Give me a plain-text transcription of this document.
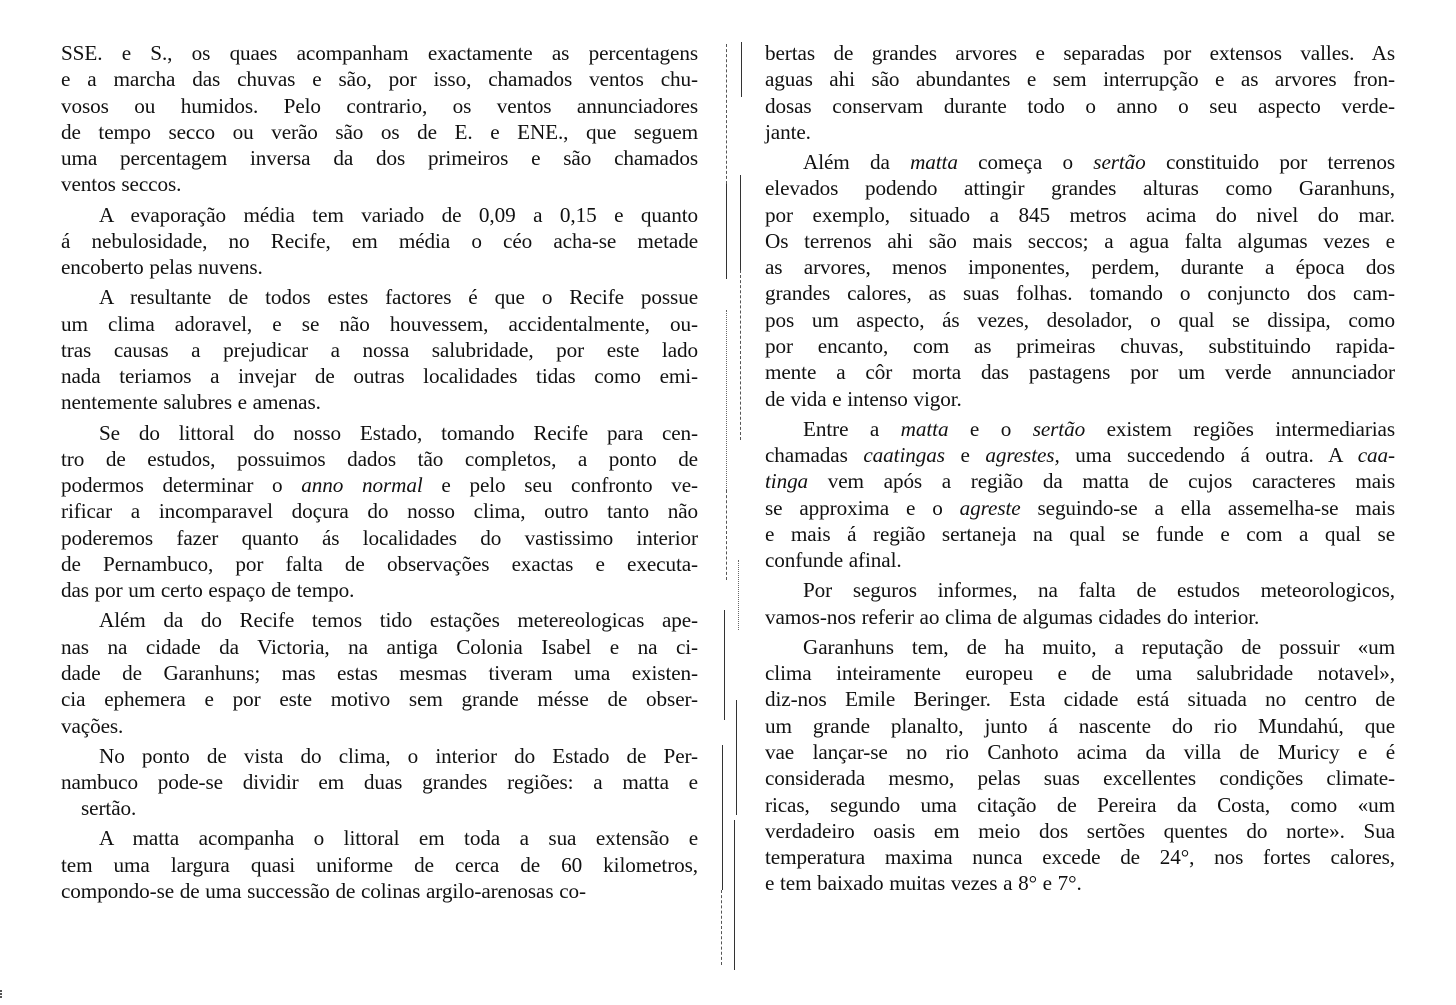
SSE. e S., os quaes acompanham exactamente as percentagens
e a marcha das chuvas e são, por isso, chamados ventos chu-
vosos ou humidos. Pelo contrario, os ventos annunciadores
de tempo secco ou verão são os de E. e ENE., que seguem
uma percentagem inversa da dos primeiros e são chamados
ventos seccos.
A evaporação média tem variado de 0,09 a 0,15 e quanto
á nebulosidade, no Recife, em média o céo acha-se metade
encoberto pelas nuvens.
A resultante de todos estes factores é que o Recife possue
um clima adoravel, e se não houvessem, accidentalmente, ou-
tras causas a prejudicar a nossa salubridade, por este lado
nada teriamos a invejar de outras localidades tidas como emi-
nentemente salubres e amenas.
Se do littoral do nosso Estado, tomando Recife para cen-
tro de estudos, possuimos dados tão completos, a ponto de
podermos determinar o anno normal e pelo seu confronto ve-
rificar a incomparavel doçura do nosso clima, outro tanto não
poderemos fazer quanto ás localidades do vastissimo interior
de Pernambuco, por falta de observações exactas e executa-
das por um certo espaço de tempo.
Além da do Recife temos tido estações metereologicas ape-
nas na cidade da Victoria, na antiga Colonia Isabel e na ci-
dade de Garanhuns; mas estas mesmas tiveram uma existen-
cia ephemera e por este motivo sem grande mésse de obser-
vações.
No ponto de vista do clima, o interior do Estado de Per-
nambuco pode-se dividir em duas grandes regiões: a matta e
sertão.
A matta acompanha o littoral em toda a sua extensão e
tem uma largura quasi uniforme de cerca de 60 kilometros,
compondo-se de uma successão de colinas argilo-arenosas co-
bertas de grandes arvores e separadas por extensos valles. As
aguas ahi são abundantes e sem interrupção e as arvores fron-
dosas conservam durante todo o anno o seu aspecto verde-
jante.
Além da matta começa o sertão constituido por terrenos
elevados podendo attingir grandes alturas como Garanhuns,
por exemplo, situado a 845 metros acima do nivel do mar.
Os terrenos ahi são mais seccos; a agua falta algumas vezes e
as arvores, menos imponentes, perdem, durante a época dos
grandes calores, as suas folhas. tomando o conjuncto dos cam-
pos um aspecto, ás vezes, desolador, o qual se dissipa, como
por encanto, com as primeiras chuvas, substituindo rapida-
mente a côr morta das pastagens por um verde annunciador
de vida e intenso vigor.
Entre a matta e o sertão existem regiões intermediarias
chamadas caatingas e agrestes, uma succedendo á outra. A caa-
tinga vem após a região da matta de cujos caracteres mais
se approxima e o agreste seguindo-se a ella assemelha-se mais
e mais á região sertaneja na qual se funde e com a qual se
confunde afinal.
Por seguros informes, na falta de estudos meteorologicos,
vamos-nos referir ao clima de algumas cidades do interior.
Garanhuns tem, de ha muito, a reputação de possuir «um
clima inteiramente europeu e de uma salubridade notavel»,
diz-nos Emile Beringer. Esta cidade está situada no centro de
um grande planalto, junto á nascente do rio Mundahú, que
vae lançar-se no rio Canhoto acima da villa de Muricy e é
considerada mesmo, pelas suas excellentes condições climate-
ricas, segundo uma citação de Pereira da Costa, como «um
verdadeiro oasis em meio dos sertões quentes do norte». Sua
temperatura maxima nunca excede de 24°, nos fortes calores,
e tem baixado muitas vezes a 8° e 7°.
